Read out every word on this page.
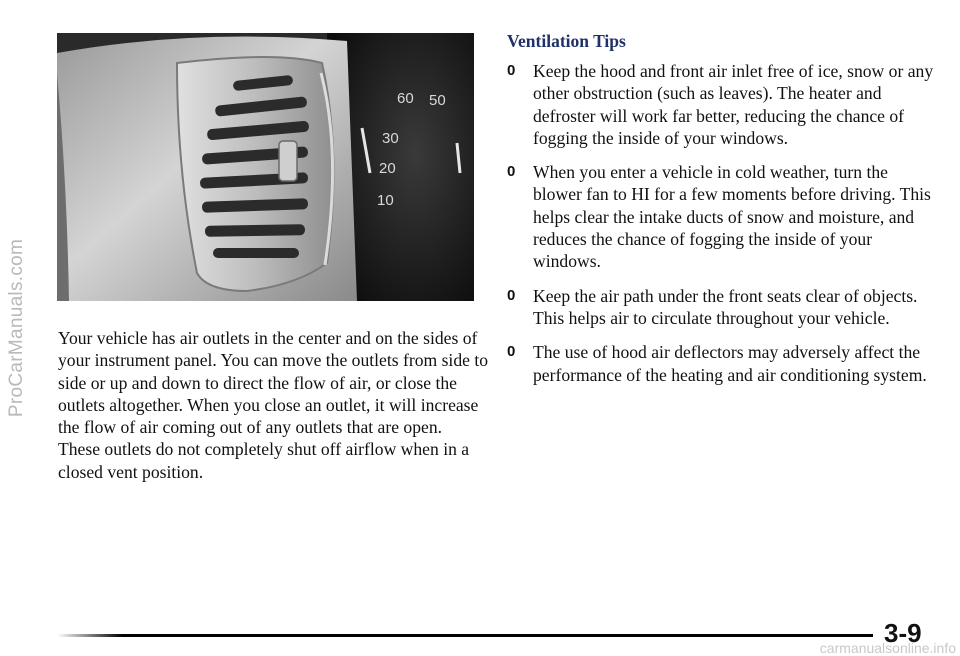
ProCarManuals.com
60 50
30
20
10

Your vehicle has air outlets in the center and on the sides of your instrument panel. You can move the outlets from side to side or up and down to direct the flow of air, or close the outlets altogether. When you close an outlet, it will increase the flow of air coming out of any outlets that are open. These outlets do not completely shut off airflow when in a closed vent position.

Ventilation Tips
0 Keep the hood and front air inlet free of ice, snow or any other obstruction (such as leaves). The heater and defroster will work far better, reducing the chance of fogging the inside of your windows.
0 When you enter a vehicle in cold weather, turn the blower fan to HI for a few moments before driving. This helps clear the intake ducts of snow and moisture, and reduces the chance of fogging the inside of your windows.
0 Keep the air path under the front seats clear of objects. This helps air to circulate throughout your vehicle.
0 The use of hood air deflectors may adversely affect the performance of the heating and air conditioning system.
3-9
carmanualsonline.info
